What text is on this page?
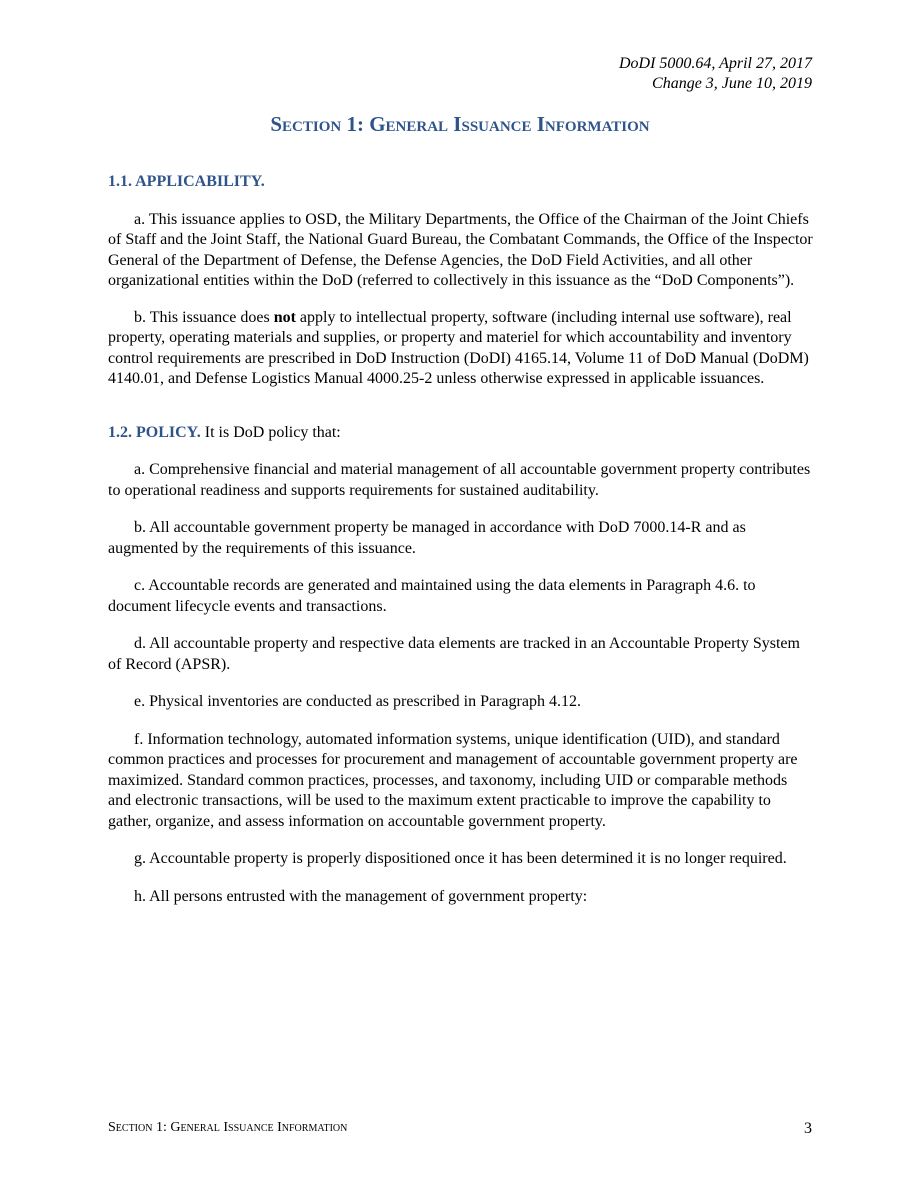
DoDI 5000.64, April 27, 2017
Change 3, June 10, 2019
Section 1: General Issuance Information

1.1. APPLICABILITY.

a. This issuance applies to OSD, the Military Departments, the Office of the Chairman of the Joint Chiefs of Staff and the Joint Staff, the National Guard Bureau, the Combatant Commands, the Office of the Inspector General of the Department of Defense, the Defense Agencies, the DoD Field Activities, and all other organizational entities within the DoD (referred to collectively in this issuance as the “DoD Components”).

b. This issuance does not apply to intellectual property, software (including internal use software), real property, operating materials and supplies, or property and materiel for which accountability and inventory control requirements are prescribed in DoD Instruction (DoDI) 4165.14, Volume 11 of DoD Manual (DoDM) 4140.01, and Defense Logistics Manual 4000.25-2 unless otherwise expressed in applicable issuances.

1.2. POLICY. It is DoD policy that:

a. Comprehensive financial and material management of all accountable government property contributes to operational readiness and supports requirements for sustained auditability.

b. All accountable government property be managed in accordance with DoD 7000.14-R and as augmented by the requirements of this issuance.

c. Accountable records are generated and maintained using the data elements in Paragraph 4.6. to document lifecycle events and transactions.

d. All accountable property and respective data elements are tracked in an Accountable Property System of Record (APSR).

e. Physical inventories are conducted as prescribed in Paragraph 4.12.

f. Information technology, automated information systems, unique identification (UID), and standard common practices and processes for procurement and management of accountable government property are maximized. Standard common practices, processes, and taxonomy, including UID or comparable methods and electronic transactions, will be used to the maximum extent practicable to improve the capability to gather, organize, and assess information on accountable government property.

g. Accountable property is properly dispositioned once it has been determined it is no longer required.

h. All persons entrusted with the management of government property:

Section 1: General Issuance Information	3
